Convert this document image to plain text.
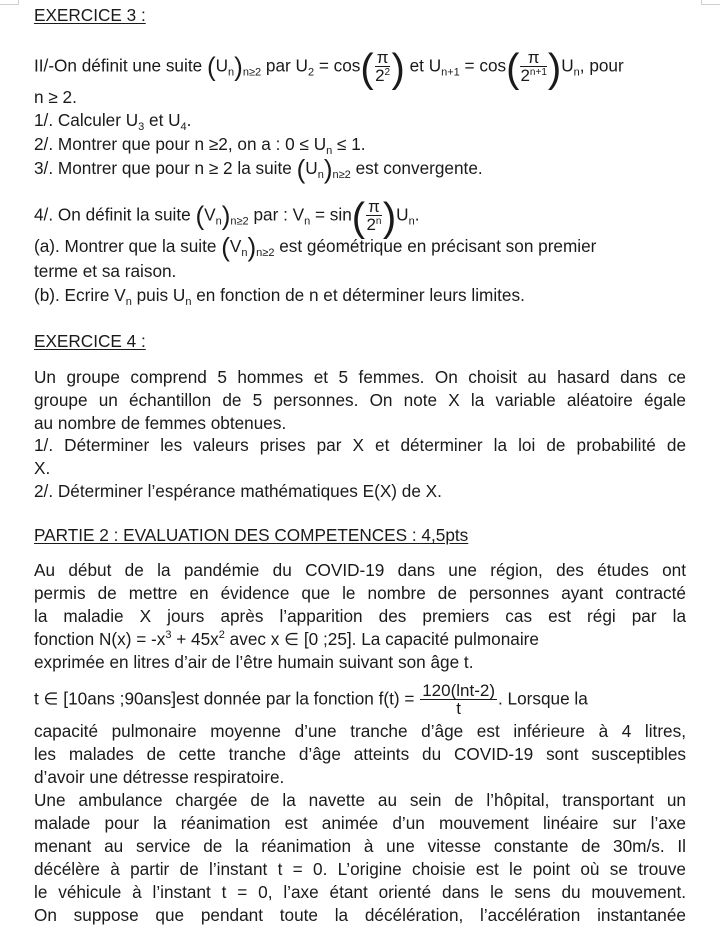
EXERCICE 3 :
II/-On définit une suite $(U_n)_{n\ge 2}$ par $U_2 = \cos( \frac{\pi}{2^2}$ ) et $U_{n+1} = \cos( \frac{\pi}{2^{n+1}} )U_n$, pour
n ≥ 2.
1/. Calculer $U_3$ et $U_4$.
2/. Montrer que pour n ≥2, on a : $0 \le U_n \le 1$.
3/. Montrer que pour n ≥ 2 la suite $(U_n)_{n\ge 2}$ est convergente.
4/. On définit la suite $(V_n)_{n\ge 2}$ par : $V_n = \sin( \frac{\pi}{2^n} )U_n$.
(a). Montrer que la suite $(V_n)_{n\ge 2}$ est géométrique en précisant son premier
terme et sa raison.
(b). Ecrire $V_n$ puis $U_n$ en fonction de n et déterminer leurs limites.
EXERCICE 4 :
Un groupe comprend 5 hommes et 5 femmes. On choisit au hasard dans ce
groupe un échantillon de 5 personnes. On note X la variable aléatoire égale
au nombre de femmes obtenues.
1/. Déterminer les valeurs prises par X et déterminer la loi de probabilité de
X.
2/. Déterminer l’espérance mathématiques E(X) de X.
PARTIE 2 : EVALUATION DES COMPETENCES : 4,5pts
Au début de la pandémie du COVID-19 dans une région, des études ont
permis de mettre en évidence que le nombre de personnes ayant contracté
la maladie X jours après l’apparition des premiers cas est régi par la
fonction $N(x) = -x^3 + 45x^2$ avec x ∈ [0 ;25]. La capacité pulmonaire
exprimée en litres d’air de l’être humain suivant son âge t.
t ∈ [10ans ;90ans]est donnée par la fonction $f(t) = \frac{120(\ln t-2)}{t}$ . Lorsque la
capacité pulmonaire moyenne d’une tranche d’âge est inférieure à 4 litres,
les malades de cette tranche d’âge atteints du COVID-19 sont susceptibles
d’avoir une détresse respiratoire.
Une ambulance chargée de la navette au sein de l’hôpital, transportant un
malade pour la réanimation est animée d’un mouvement linéaire sur l’axe
menant au service de la réanimation à une vitesse constante de 30m/s. Il
décélère à partir de l’instant t = 0. L’origine choisie est le point où se trouve
le véhicule à l’instant t = 0, l’axe étant orienté dans le sens du mouvement.
On suppose que pendant toute la décélération, l’accélération instantanée
